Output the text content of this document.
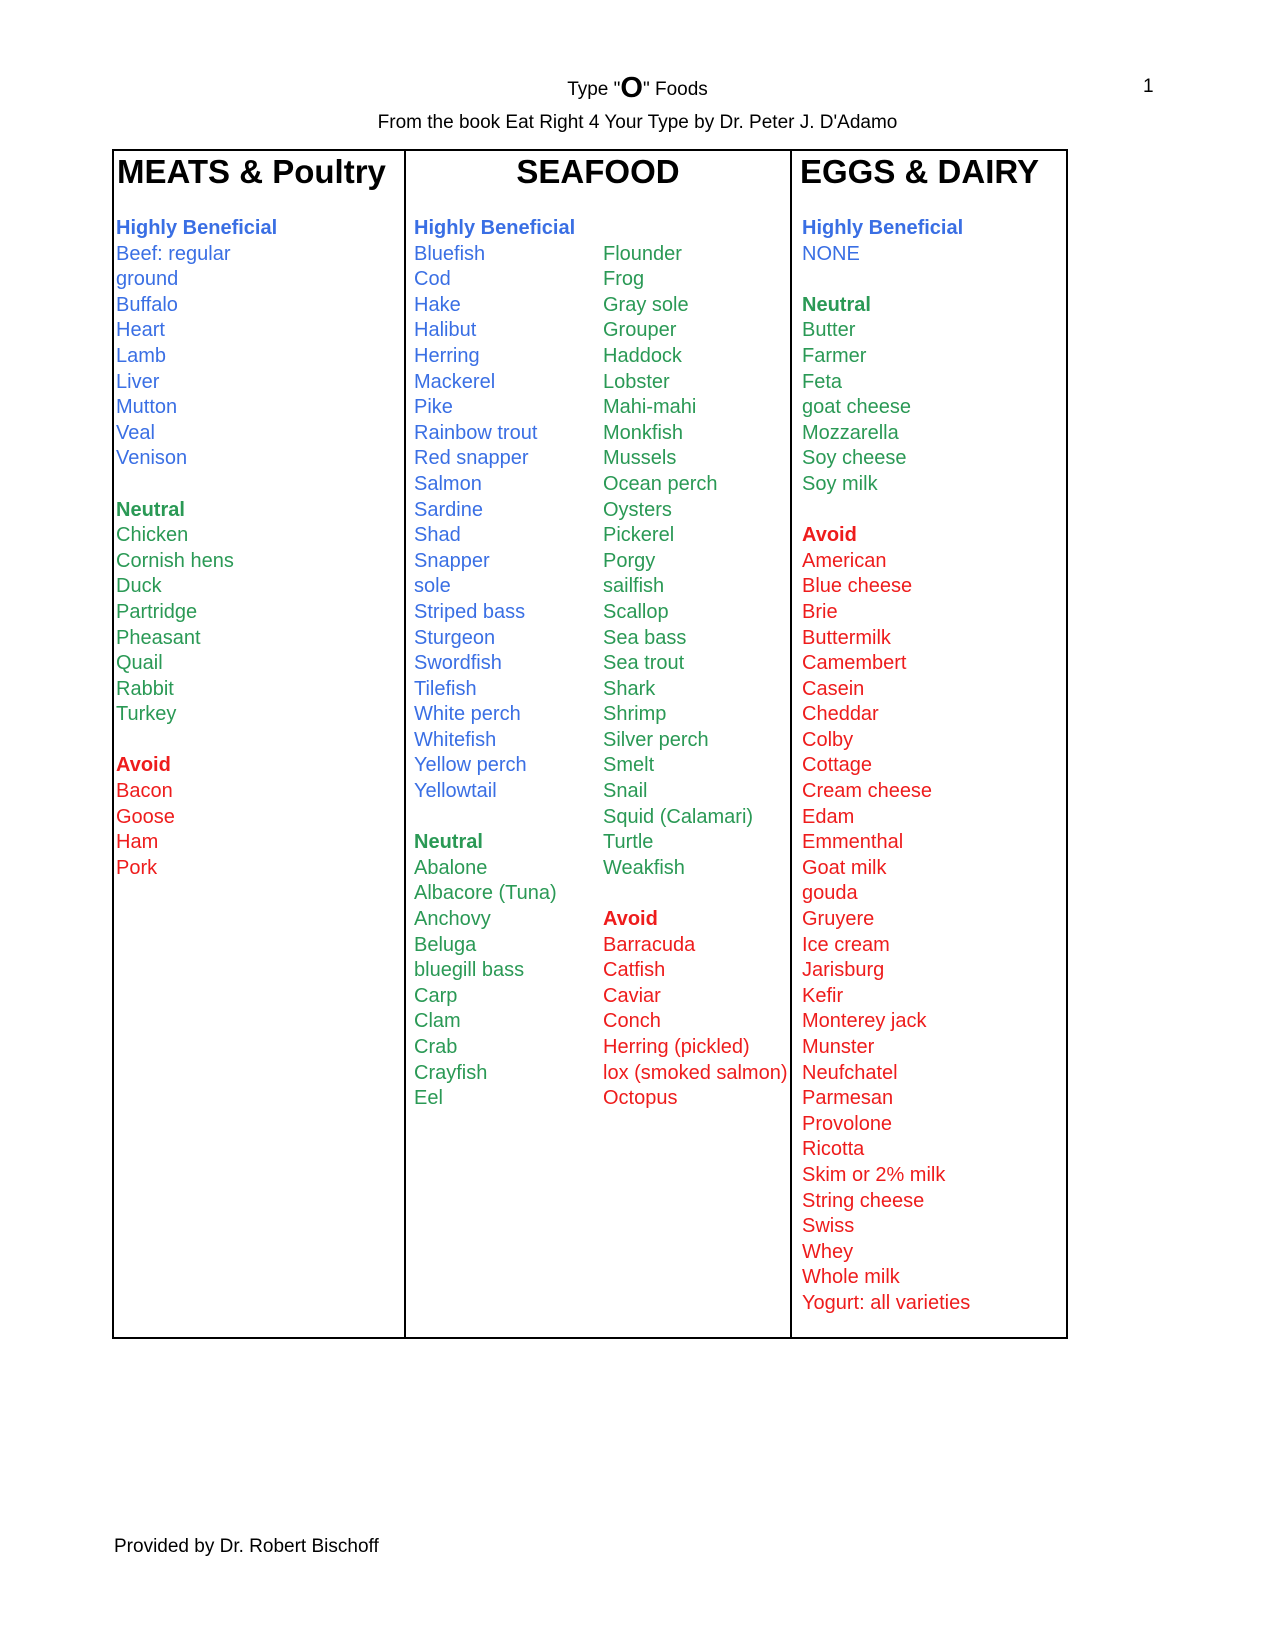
1
Type "O" Foods
From the book Eat Right 4 Your Type by Dr. Peter J. D'Adamo
MEATS & Poultry	SEAFOOD	EGGS & DAIRY
Highly Beneficial
Beef: regular
ground
Buffalo
Heart
Lamb
Liver
Mutton
Veal
Venison
Neutral
Chicken
Cornish hens
Duck
Partridge
Pheasant
Quail
Rabbit
Turkey
Avoid
Bacon
Goose
Ham
Pork
Highly Beneficial
Bluefish
Cod
Hake
Halibut
Herring
Mackerel
Pike
Rainbow trout
Red snapper
Salmon
Sardine
Shad
Snapper
sole
Striped bass
Sturgeon
Swordfish
Tilefish
White perch
Whitefish
Yellow perch
Yellowtail
Neutral
Abalone
Albacore (Tuna)
Anchovy
Beluga
bluegill bass
Carp
Clam
Crab
Crayfish
Eel
Flounder
Frog
Gray sole
Grouper
Haddock
Lobster
Mahi-mahi
Monkfish
Mussels
Ocean perch
Oysters
Pickerel
Porgy
sailfish
Scallop
Sea bass
Sea trout
Shark
Shrimp
Silver perch
Smelt
Snail
Squid (Calamari)
Turtle
Weakfish
Avoid
Barracuda
Catfish
Caviar
Conch
Herring (pickled)
lox (smoked salmon)
Octopus
Highly Beneficial
NONE
Neutral
Butter
Farmer
Feta
goat cheese
Mozzarella
Soy cheese
Soy milk
Avoid
American
Blue cheese
Brie
Buttermilk
Camembert
Casein
Cheddar
Colby
Cottage
Cream cheese
Edam
Emmenthal
Goat milk
gouda
Gruyere
Ice cream
Jarisburg
Kefir
Monterey jack
Munster
Neufchatel
Parmesan
Provolone
Ricotta
Skim or 2% milk
String cheese
Swiss
Whey
Whole milk
Yogurt: all varieties
Provided by Dr. Robert Bischoff
